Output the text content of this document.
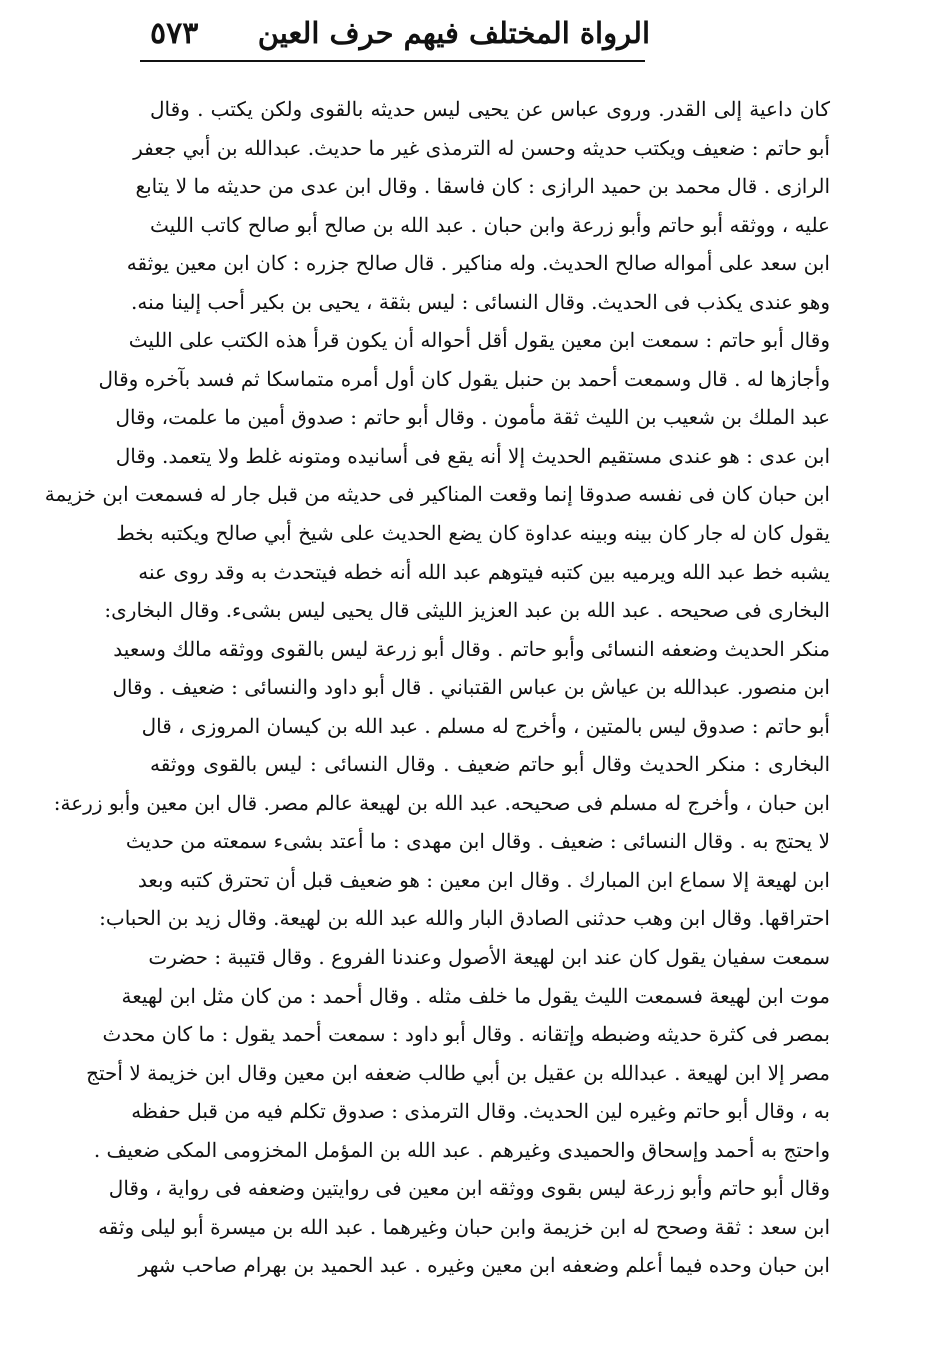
الرواة المختلف فيهم حرف العين
٥٧٣
كان داعية إلى القدر. وروى عباس عن يحيى ليس حديثه بالقوى ولكن يكتب . وقال
أبو حاتم : ضعيف ويكتب حديثه وحسن له الترمذى غير ما حديث. عبدالله بن أبي جعفر
الرازى . قال محمد بن حميد الرازى : كان فاسقا . وقال ابن عدى من حديثه ما لا يتابع
عليه ، ووثقه أبو حاتم وأبو زرعة وابن حبان . عبد الله بن صالح أبو صالح كاتب الليث
ابن سعد على أمواله صالح الحديث. وله مناكير . قال صالح جزره : كان ابن معين يوثقه
وهو عندى يكذب فى الحديث. وقال النسائى : ليس بثقة ، يحيى بن بكير أحب إلينا منه.
وقال أبو حاتم : سمعت ابن معين يقول أقل أحواله أن يكون قرأ هذه الكتب على الليث
وأجازها له . قال وسمعت أحمد بن حنبل يقول كان أول أمره متماسكا ثم فسد بآخره وقال
عبد الملك بن شعيب بن الليث ثقة مأمون . وقال أبو حاتم : صدوق أمين ما علمت، وقال
ابن عدى : هو عندى مستقيم الحديث إلا أنه يقع فى أسانيده ومتونه غلط ولا يتعمد. وقال
ابن حبان كان فى نفسه صدوقا إنما وقعت المناكير فى حديثه من قبل جار له فسمعت ابن خزيمة
يقول كان له جار كان بينه وبينه عداوة كان يضع الحديث على شيخ أبي صالح ويكتبه بخط
يشبه خط عبد الله ويرميه بين كتبه فيتوهم عبد الله أنه خطه فيتحدث به وقد روى عنه
البخارى فى صحيحه . عبد الله بن عبد العزيز الليثى قال يحيى ليس بشىء. وقال البخارى:
منكر الحديث وضعفه النسائى وأبو حاتم . وقال أبو زرعة ليس بالقوى ووثقه مالك وسعيد
ابن منصور. عبدالله بن عياش بن عباس القتباني . قال أبو داود والنسائى : ضعيف . وقال
أبو حاتم : صدوق ليس بالمتين ، وأخرج له مسلم . عبد الله بن كيسان المروزى ، قال
البخارى : منكر الحديث وقال أبو حاتم ضعيف . وقال النسائى : ليس بالقوى ووثقه
ابن حبان ، وأخرج له مسلم فى صحيحه. عبد الله بن لهيعة عالم مصر. قال ابن معين وأبو زرعة:
لا يحتج به . وقال النسائى : ضعيف . وقال ابن مهدى : ما أعتد بشىء سمعته من حديث
ابن لهيعة إلا سماع ابن المبارك . وقال ابن معين : هو ضعيف قبل أن تحترق كتبه وبعد
احتراقها. وقال ابن وهب حدثنى الصادق البار والله عبد الله بن لهيعة. وقال زيد بن الحباب:
سمعت سفيان يقول كان عند ابن لهيعة الأصول وعندنا الفروع . وقال قتيبة : حضرت
موت ابن لهيعة فسمعت الليث يقول ما خلف مثله . وقال أحمد : من كان مثل ابن لهيعة
بمصر فى كثرة حديثه وضبطه وإتقانه . وقال أبو داود : سمعت أحمد يقول : ما كان محدث
مصر إلا ابن لهيعة . عبدالله بن عقيل بن أبي طالب ضعفه ابن معين وقال ابن خزيمة لا أحتج
به ، وقال أبو حاتم وغيره لين الحديث. وقال الترمذى : صدوق تكلم فيه من قبل حفظه
واحتج به أحمد وإسحاق والحميدى وغيرهم . عبد الله بن المؤمل المخزومى المكى ضعيف .
وقال أبو حاتم وأبو زرعة ليس بقوى ووثقه ابن معين فى روايتين وضعفه فى رواية ، وقال
ابن سعد : ثقة وصحح له ابن خزيمة وابن حبان وغيرهما . عبد الله بن ميسرة أبو ليلى وثقه
ابن حبان وحده فيما أعلم وضعفه ابن معين وغيره . عبد الحميد بن بهرام صاحب شهر
